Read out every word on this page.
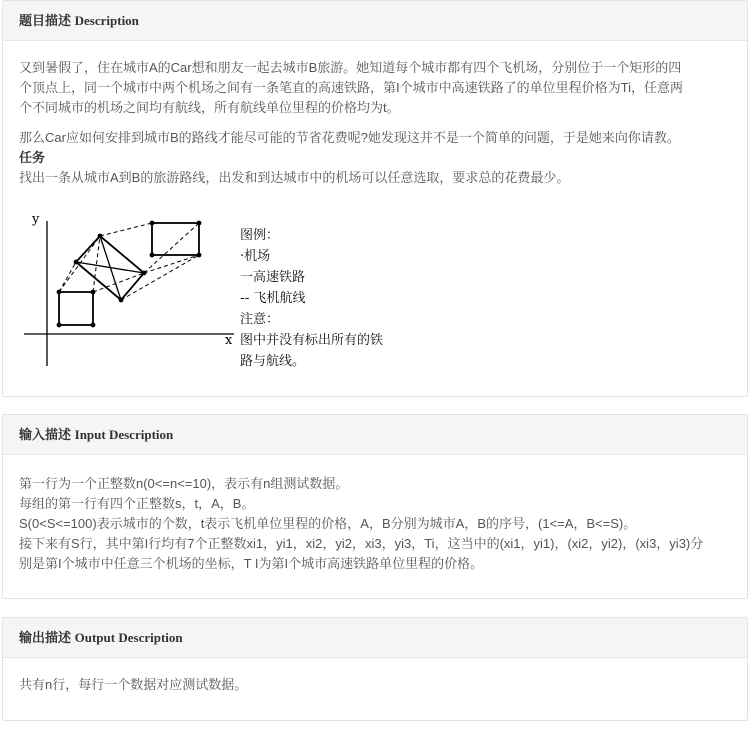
题目描述 Description

又到暑假了，住在城市A的Car想和朋友一起去城市B旅游。她知道每个城市都有四个飞机场，分别位于一个矩形的四

个顶点上，同一个城市中两个机场之间有一条笔直的高速铁路，第I个城市中高速铁路了的单位里程价格为Ti，任意两

个不同城市的机场之间均有航线，所有航线单位里程的价格均为t。

那么Car应如何安排到城市B的路线才能尽可能的节省花费呢?她发现这并不是一个简单的问题，于是她来向你请教。

任务

找出一条从城市A到B的旅游路线，出发和到达城市中的机场可以任意选取，要求总的花费最少。

y
x
图例：
·机场
一高速铁路
-- 飞机航线
注意：
图中并没有标出所有的铁
路与航线。
输入描述 Input Description

第一行为一个正整数n(0<=n<=10)，表示有n组测试数据。

每组的第一行有四个正整数s，t，A，B。

S(0<S<=100)表示城市的个数，t表示飞机单位里程的价格，A，B分别为城市A，B的序号，(1<=A，B<=S)。

接下来有S行，其中第I行均有7个正整数xi1，yi1，xi2，yi2，xi3，yi3，Ti，这当中的(xi1，yi1)，(xi2，yi2)，(xi3，yi3)分

别是第I个城市中任意三个机场的坐标，T I为第I个城市高速铁路单位里程的价格。

输出描述 Output Description

共有n行，每行一个数据对应测试数据。
